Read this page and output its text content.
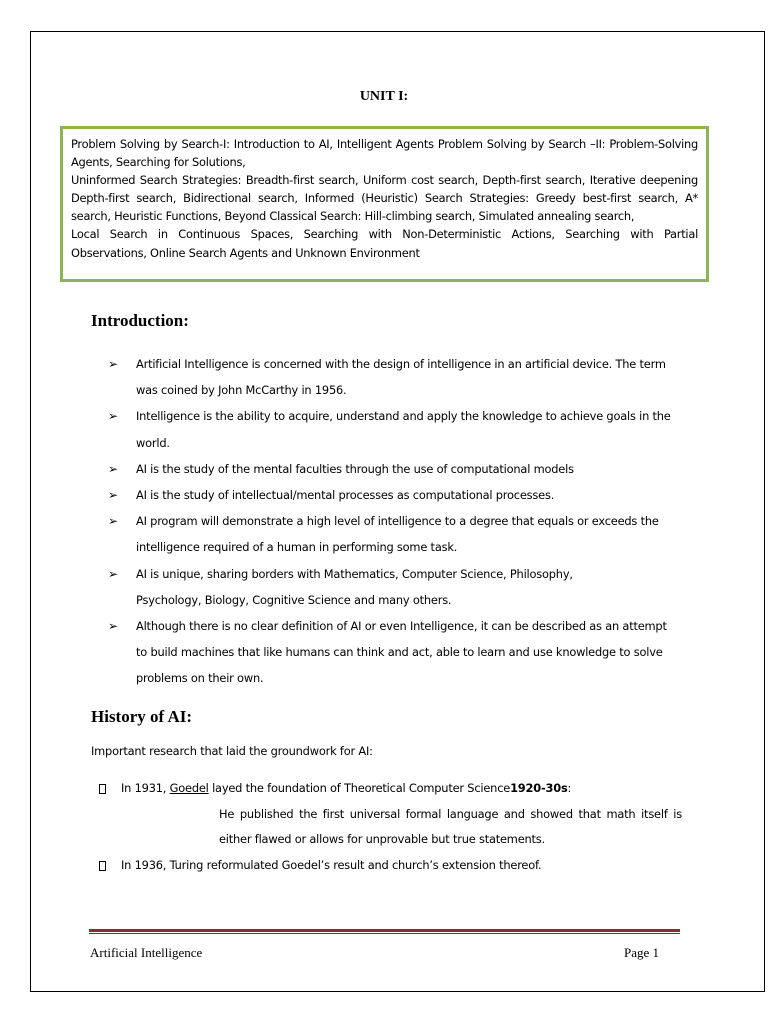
UNIT I:

Problem Solving by Search-I: Introduction to AI, Intelligent Agents Problem Solving by Search –II: Problem-Solving Agents, Searching for Solutions,

Uninformed Search Strategies: Breadth-first search, Uniform cost search, Depth-first search, Iterative deepening Depth-first search, Bidirectional search, Informed (Heuristic) Search Strategies: Greedy best-first search, A* search, Heuristic Functions, Beyond Classical Search: Hill-climbing search, Simulated annealing search,

Local Search in Continuous Spaces, Searching with Non-Deterministic Actions, Searching with Partial Observations, Online Search Agents and Unknown Environment

Introduction:
➢ Artificial Intelligence is concerned with the design of intelligence in an artificial device. The term was coined by John McCarthy in 1956.
➢ Intelligence is the ability to acquire, understand and apply the knowledge to achieve goals in the world.
➢ AI is the study of the mental faculties through the use of computational models
➢ AI is the study of intellectual/mental processes as computational processes.
➢ AI program will demonstrate a high level of intelligence to a degree that equals or exceeds the intelligence required of a human in performing some task.
➢ AI is unique, sharing borders with Mathematics, Computer Science, Philosophy,
Psychology, Biology, Cognitive Science and many others.
➢ Although there is no clear definition of AI or even Intelligence, it can be described as an attempt to build machines that like humans can think and act, able to learn and use knowledge to solve problems on their own.
History of AI:
Important research that laid the groundwork for AI:
In 1931, Goedel layed the foundation of Theoretical Computer Science1920-30s:
He published the first universal formal language and showed that math itself is either flawed or allows for unprovable but true statements.
In 1936, Turing reformulated Goedel’s result and church’s extension thereof.
Artificial Intelligence	Page 1
